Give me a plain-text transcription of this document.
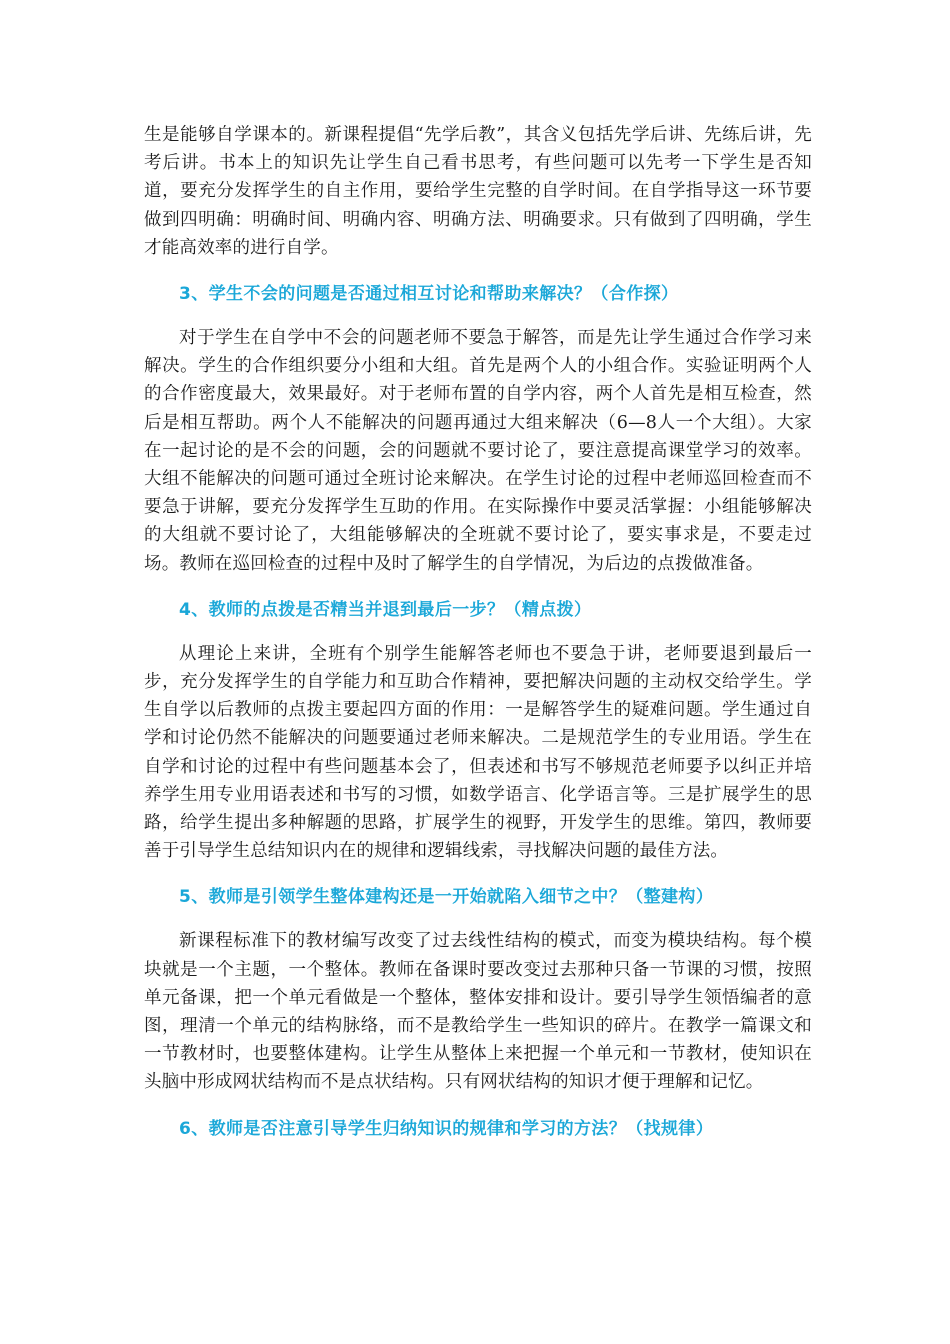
生是能够自学课本的。新课程提倡“先学后教”，其含义包括先学后讲、先练后讲，先考后讲。书本上的知识先让学生自己看书思考，有些问题可以先考一下学生是否知道，要充分发挥学生的自主作用，要给学生完整的自学时间。在自学指导这一环节要做到四明确：明确时间、明确内容、明确方法、明确要求。只有做到了四明确，学生才能高效率的进行自学。

3、学生不会的问题是否通过相互讨论和帮助来解决？（合作探）

对于学生在自学中不会的问题老师不要急于解答，而是先让学生通过合作学习来解决。学生的合作组织要分小组和大组。首先是两个人的小组合作。实验证明两个人的合作密度最大，效果最好。对于老师布置的自学内容，两个人首先是相互检查，然后是相互帮助。两个人不能解决的问题再通过大组来解决（6—8人一个大组）。大家在一起讨论的是不会的问题，会的问题就不要讨论了，要注意提高课堂学习的效率。大组不能解决的问题可通过全班讨论来解决。在学生讨论的过程中老师巡回检查而不要急于讲解，要充分发挥学生互助的作用。在实际操作中要灵活掌握：小组能够解决的大组就不要讨论了，大组能够解决的全班就不要讨论了，要实事求是，不要走过场。教师在巡回检查的过程中及时了解学生的自学情况，为后边的点拨做准备。

4、教师的点拨是否精当并退到最后一步？（精点拨）

从理论上来讲，全班有个别学生能解答老师也不要急于讲，老师要退到最后一步，充分发挥学生的自学能力和互助合作精神，要把解决问题的主动权交给学生。学生自学以后教师的点拨主要起四方面的作用：一是解答学生的疑难问题。学生通过自学和讨论仍然不能解决的问题要通过老师来解决。二是规范学生的专业用语。学生在自学和讨论的过程中有些问题基本会了，但表述和书写不够规范老师要予以纠正并培养学生用专业用语表述和书写的习惯，如数学语言、化学语言等。三是扩展学生的思路，给学生提出多种解题的思路，扩展学生的视野，开发学生的思维。第四，教师要善于引导学生总结知识内在的规律和逻辑线索，寻找解决问题的最佳方法。

5、教师是引领学生整体建构还是一开始就陷入细节之中？（整建构）

新课程标准下的教材编写改变了过去线性结构的模式，而变为模块结构。每个模块就是一个主题，一个整体。教师在备课时要改变过去那种只备一节课的习惯，按照单元备课，把一个单元看做是一个整体，整体安排和设计。要引导学生领悟编者的意图，理清一个单元的结构脉络，而不是教给学生一些知识的碎片。在教学一篇课文和一节教材时，也要整体建构。让学生从整体上来把握一个单元和一节教材，使知识在头脑中形成网状结构而不是点状结构。只有网状结构的知识才便于理解和记忆。

6、教师是否注意引导学生归纳知识的规律和学习的方法？（找规律）
